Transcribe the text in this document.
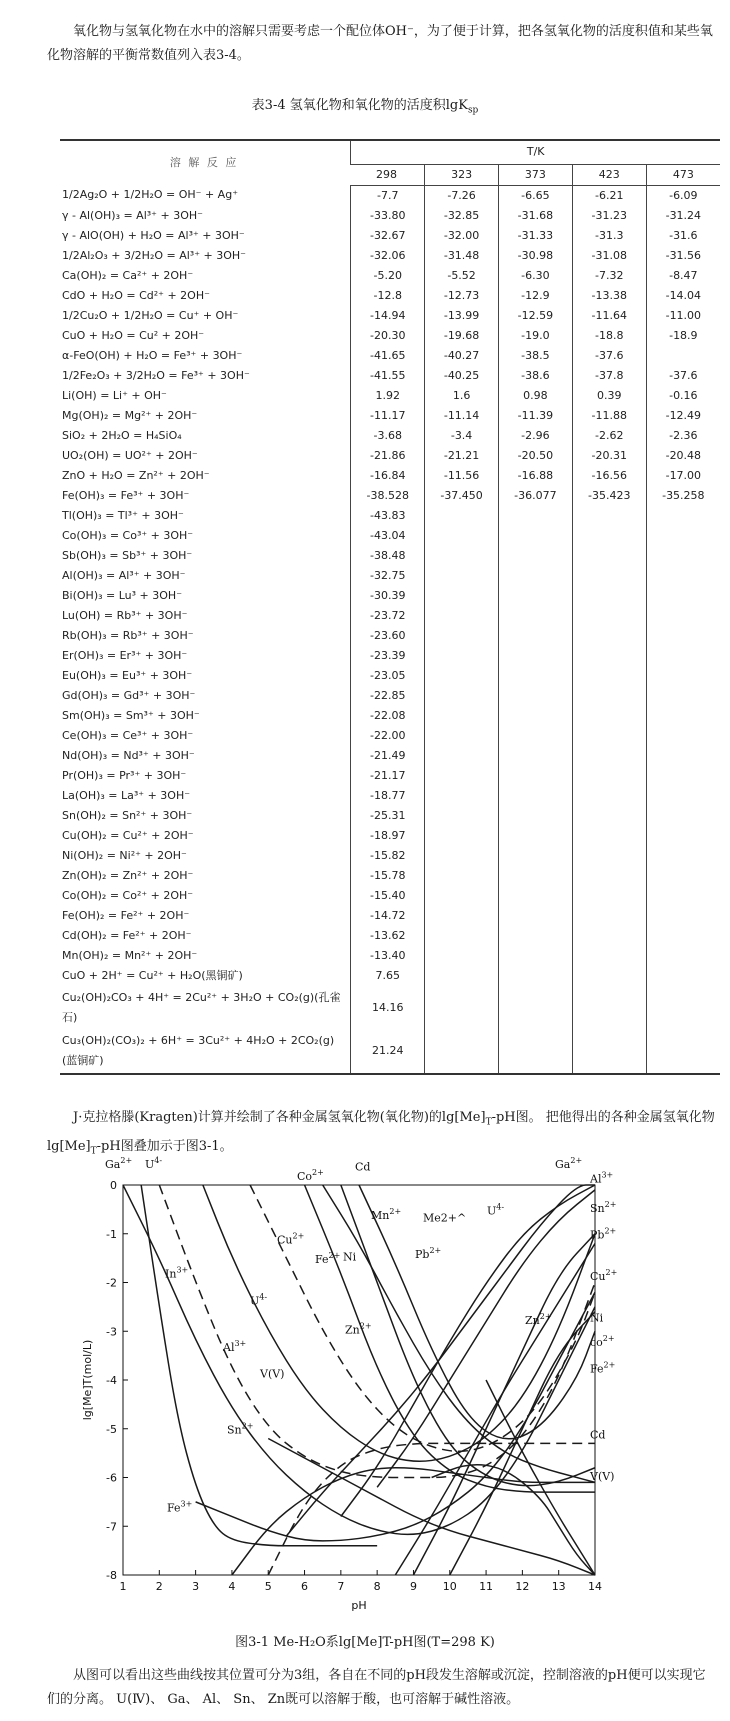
氧化物与氢氧化物在水中的溶解只需要考虑一个配位体OH⁻，为了便于计算，把各氢氧化物的活度积值和某些氧化物溶解的平衡常数值列入表3-4。

表3-4 氢氧化物和氧化物的活度积lgK$_{sp}$
溶 解 反 应	T/K				
	298	323	373	423	473
1/2Ag₂O + 1/2H₂O = OH⁻ + Ag⁺	-7.7	-7.26	-6.65	-6.21	-6.09
γ - Al(OH)₃ = Al³⁺ + 3OH⁻	-33.80	-32.85	-31.68	-31.23	-31.24
γ - AlO(OH) + H₂O = Al³⁺ + 3OH⁻	-32.67	-32.00	-31.33	-31.3	-31.6
1/2Al₂O₃ + 3/2H₂O = Al³⁺ + 3OH⁻	-32.06	-31.48	-30.98	-31.08	-31.56
Ca(OH)₂ = Ca²⁺ + 2OH⁻	-5.20	-5.52	-6.30	-7.32	-8.47
CdO + H₂O = Cd²⁺ + 2OH⁻	-12.8	-12.73	-12.9	-13.38	-14.04
1/2Cu₂O + 1/2H₂O = Cu⁺ + OH⁻	-14.94	-13.99	-12.59	-11.64	-11.00
CuO + H₂O = Cu² + 2OH⁻	-20.30	-19.68	-19.0	-18.8	-18.9
α-FeO(OH) + H₂O = Fe³⁺ + 3OH⁻	-41.65	-40.27	-38.5	-37.6	
1/2Fe₂O₃ + 3/2H₂O = Fe³⁺ + 3OH⁻	-41.55	-40.25	-38.6	-37.8	-37.6
Li(OH) = Li⁺ + OH⁻	1.92	1.6	0.98	0.39	-0.16
Mg(OH)₂ = Mg²⁺ + 2OH⁻	-11.17	-11.14	-11.39	-11.88	-12.49
SiO₂ + 2H₂O = H₄SiO₄	-3.68	-3.4	-2.96	-2.62	-2.36
UO₂(OH) = UO²⁺ + 2OH⁻	-21.86	-21.21	-20.50	-20.31	-20.48
ZnO + H₂O = Zn²⁺ + 2OH⁻	-16.84	-11.56	-16.88	-16.56	-17.00
Fe(OH)₃ = Fe³⁺ + 3OH⁻	-38.528	-37.450	-36.077	-35.423	-35.258
Tl(OH)₃ = Tl³⁺ + 3OH⁻	-43.83				
Co(OH)₃ = Co³⁺ + 3OH⁻	-43.04				
Sb(OH)₃ = Sb³⁺ + 3OH⁻	-38.48				
Al(OH)₃ = Al³⁺ + 3OH⁻	-32.75				
Bi(OH)₃ = Lu³ + 3OH⁻	-30.39				
Lu(OH) = Rb³⁺ + 3OH⁻	-23.72				
Rb(OH)₃ = Rb³⁺ + 3OH⁻	-23.60				
Er(OH)₃ = Er³⁺ + 3OH⁻	-23.39				
Eu(OH)₃ = Eu³⁺ + 3OH⁻	-23.05				
Gd(OH)₃ = Gd³⁺ + 3OH⁻	-22.85				
Sm(OH)₃ = Sm³⁺ + 3OH⁻	-22.08				
Ce(OH)₃ = Ce³⁺ + 3OH⁻	-22.00				
Nd(OH)₃ = Nd³⁺ + 3OH⁻	-21.49				
Pr(OH)₃ = Pr³⁺ + 3OH⁻	-21.17				
La(OH)₃ = La³⁺ + 3OH⁻	-18.77				
Sn(OH)₂ = Sn²⁺ + 3OH⁻	-25.31				
Cu(OH)₂ = Cu²⁺ + 2OH⁻	-18.97				
Ni(OH)₂ = Ni²⁺ + 2OH⁻	-15.82				
Zn(OH)₂ = Zn²⁺ + 2OH⁻	-15.78				
Co(OH)₂ = Co²⁺ + 2OH⁻	-15.40				
Fe(OH)₂ = Fe²⁺ + 2OH⁻	-14.72				
Cd(OH)₂ = Fe²⁺ + 2OH⁻	-13.62				
Mn(OH)₂ = Mn²⁺ + 2OH⁻	-13.40				
CuO + 2H⁺ = Cu²⁺ + H₂O(黑铜矿)	7.65				
Cu₂(OH)₂CO₃ + 4H⁺ = 2Cu²⁺ + 3H₂O + CO₂(g)(孔雀石)	14.16				
Cu₃(OH)₂(CO₃)₂ + 6H⁺ = 3Cu²⁺ + 4H₂O + 2CO₂(g)(蓝铜矿)	21.24				

J·克拉格滕(Kragten)计算并绘制了各种金属氢氧化物(氧化物)的$\lg[Me]_T-pH$图。 把他得出的各种金属氢氧化物$\lg[Me]_T-pH$图叠加示于图3-1。

1	2	3	4	5	6	7	8	9 10 11 12 13 14
0
-1
-2
-3
-4
-5
-6
-7
-8
pH
lg[Me]T(mol/L)
$Ga^{2+}$ $U^{4-}$
$Fe^{2+}$
$Co^{2+}$
Ni
Cd
$In^{3+}$
$Cu^{2+}$
$U^{4-}$
$Mn^{2+}$ Me2+^
$U^{4-}$
$Pb^{2+}$
$Zn^{2+}$
$Al^{3+}$
V(V)
$Sn^{2+}$
$Fe^{3+}$
$Zn^{2+}$
$Ga^{2+}$
$Al^{3+}$
$Sn^{2+}$
$Pb^{2+}$
$Cu^{2+}$
Ni
$co^{2+}$
$Fe^{2+}$
Cd
V(V)
图3-1 Me-H₂O系lg[Me]T-pH图(T=298 K)

从图可以看出这些曲线按其位置可分为3组，各自在不同的pH段发生溶解或沉淀，控制溶液的pH便可以实现它们的分离。 U(Ⅳ)、 Ga、 Al、 Sn、 Zn既可以溶解于酸，也可溶解于碱性溶液。
